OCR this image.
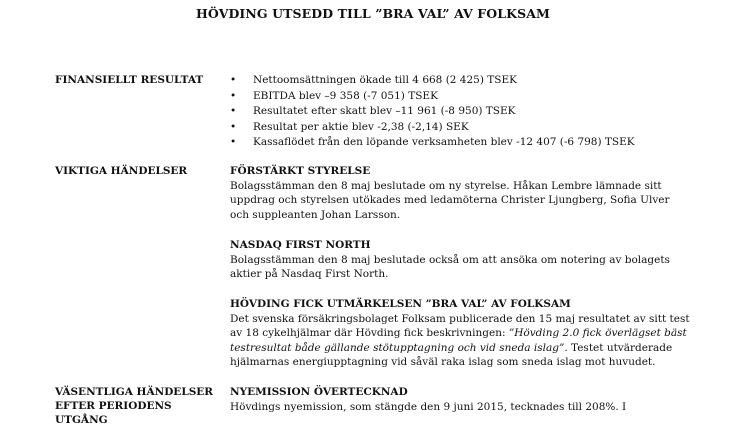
HÖVDING UTSEDD TILL ”BRA VAL” AV FOLKSAM
FINANSIELLT RESULTAT	• Nettoomsättningen ökade till 4 668 (2 425) TSEK
• EBITDA blev –9 358 (-7 051) TSEK
• Resultatet efter skatt blev –11 961 (-8 950) TSEK
• Resultat per aktie blev -2,38 (-2,14) SEK
• Kassaflödet från den löpande verksamheten blev -12 407 (-6 798) TSEK
VIKTIGA HÄNDELSER	FÖRSTÄRKT STYRELSE
Bolagsstämman den 8 maj beslutade om ny styrelse. Håkan Lembre lämnade sitt
uppdrag och styrelsen utökades med ledamöterna Christer Ljungberg, Sofia Ulver
och suppleanten Johan Larsson.
NASDAQ FIRST NORTH
Bolagsstämman den 8 maj beslutade också om att ansöka om notering av bolagets
aktier på Nasdaq First North.
HÖVDING FICK UTMÄRKELSEN ”BRA VAL” AV FOLKSAM
Det svenska försäkringsbolaget Folksam publicerade den 15 maj resultatet av sitt test
av 18 cykelhjälmar där Hövding fick beskrivningen: ”Hövding 2.0 fick överlägset bäst
testresultat både gällande stötupptagning och vid sneda islag”. Testet utvärderade
hjälmarnas energiupptagning vid såväl raka islag som sneda islag mot huvudet.
VÄSENTLIGA HÄNDELSER
EFTER PERIODENS UTGÅNG
NYEMISSION ÖVERTECKNAD
Hövdings nyemission, som stängde den 9 juni 2015, tecknades till 208%. I
